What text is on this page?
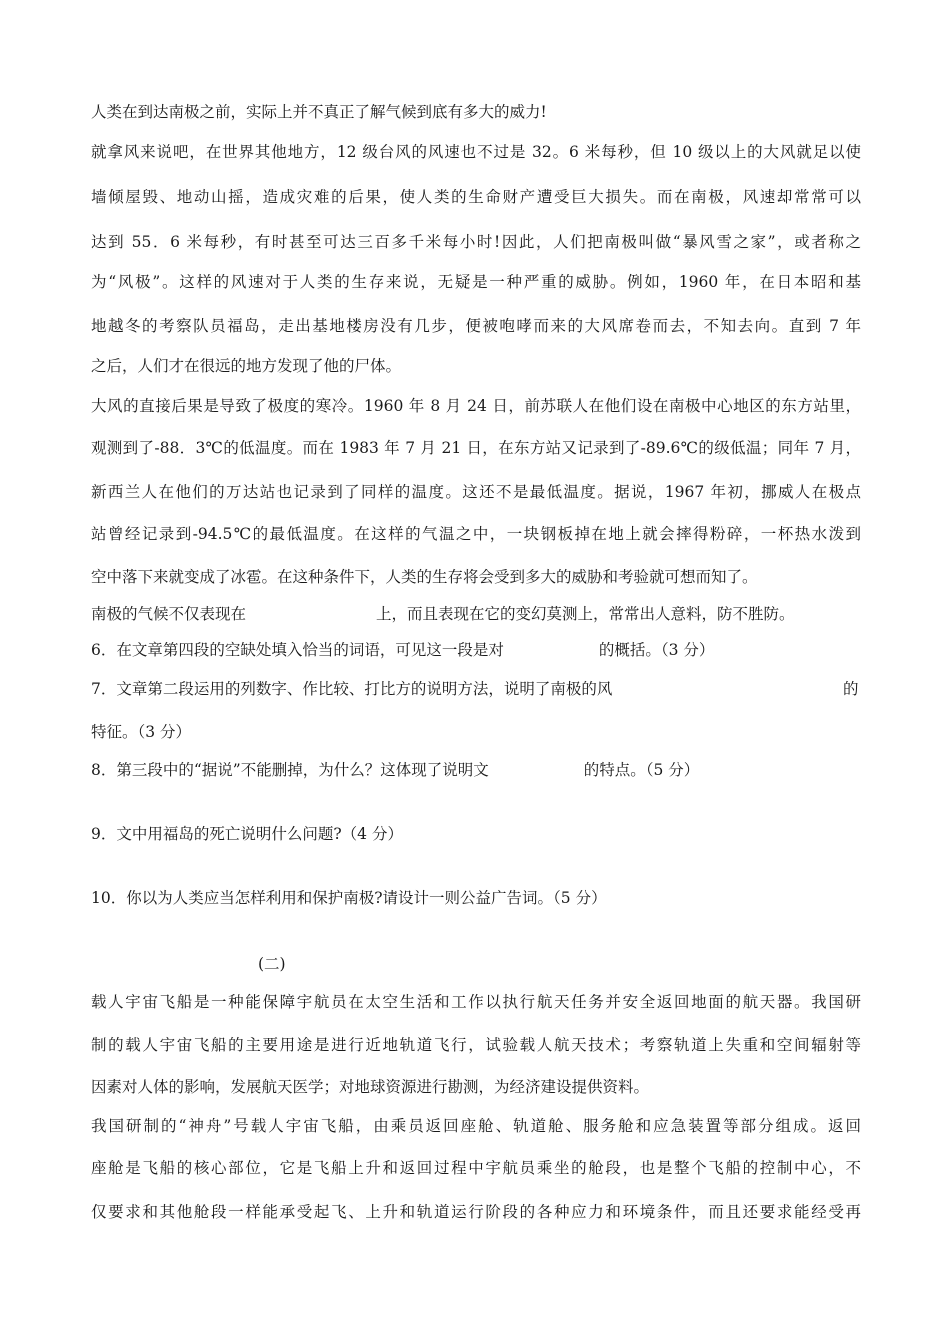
人类在到达南极之前，实际上并不真正了解气候到底有多大的威力!
就拿风来说吧，在世界其他地方，12 级台风的风速也不过是 32。6 米每秒，但 10 级以上的大风就足以使
墙倾屋毁、地动山摇，造成灾难的后果，使人类的生命财产遭受巨大损失。而在南极，风速却常常可以
达到 55．6 米每秒，有时甚至可达三百多千米每小时!因此，人们把南极叫做“暴风雪之家”，或者称之
为“风极”。这样的风速对于人类的生存来说，无疑是一种严重的威胁。例如，1960 年，在日本昭和基
地越冬的考察队员福岛，走出基地楼房没有几步，便被咆哮而来的大风席卷而去，不知去向。直到 7 年
之后，人们才在很远的地方发现了他的尸体。
大风的直接后果是导致了极度的寒冷。1960 年 8 月 24 日，前苏联人在他们设在南极中心地区的东方站里，
观测到了-88．3℃的低温度。而在 1983 年 7 月 21 日，在东方站又记录到了-89.6℃的级低温；同年 7 月，
新西兰人在他们的万达站也记录到了同样的温度。这还不是最低温度。据说，1967 年初，挪威人在极点
站曾经记录到-94.5℃的最低温度。在这样的气温之中，一块钢板掉在地上就会摔得粉碎，一杯热水泼到
空中落下来就变成了冰雹。在这种条件下，人类的生存将会受到多大的威胁和考验就可想而知了。
南极的气候不仅表现在	上，而且表现在它的变幻莫测上，常常出人意料，防不胜防。
6．在文章第四段的空缺处填入恰当的词语，可见这一段是对	的概括。（3 分）
7．文章第二段运用的列数字、作比较、打比方的说明方法，说明了南极的风	的
特征。（3 分）
8．第三段中的“据说”不能删掉，为什么？这体现了说明文	的特点。（5 分）
9．文中用福岛的死亡说明什么问题?（4 分）
10．你以为人类应当怎样利用和保护南极?请设计一则公益广告词。（5 分）
(二)
载人宇宙飞船是一种能保障宇航员在太空生活和工作以执行航天任务并安全返回地面的航天器。我国研
制的载人宇宙飞船的主要用途是进行近地轨道飞行，试验载人航天技术；考察轨道上失重和空间辐射等
因素对人体的影响，发展航天医学；对地球资源进行勘测，为经济建设提供资料。
我国研制的“神舟”号载人宇宙飞船，由乘员返回座舱、轨道舱、服务舱和应急装置等部分组成。返回
座舱是飞船的核心部位，它是飞船上升和返回过程中宇航员乘坐的舱段，也是整个飞船的控制中心，不
仅要求和其他舱段一样能承受起飞、上升和轨道运行阶段的各种应力和环境条件，而且还要求能经受再
